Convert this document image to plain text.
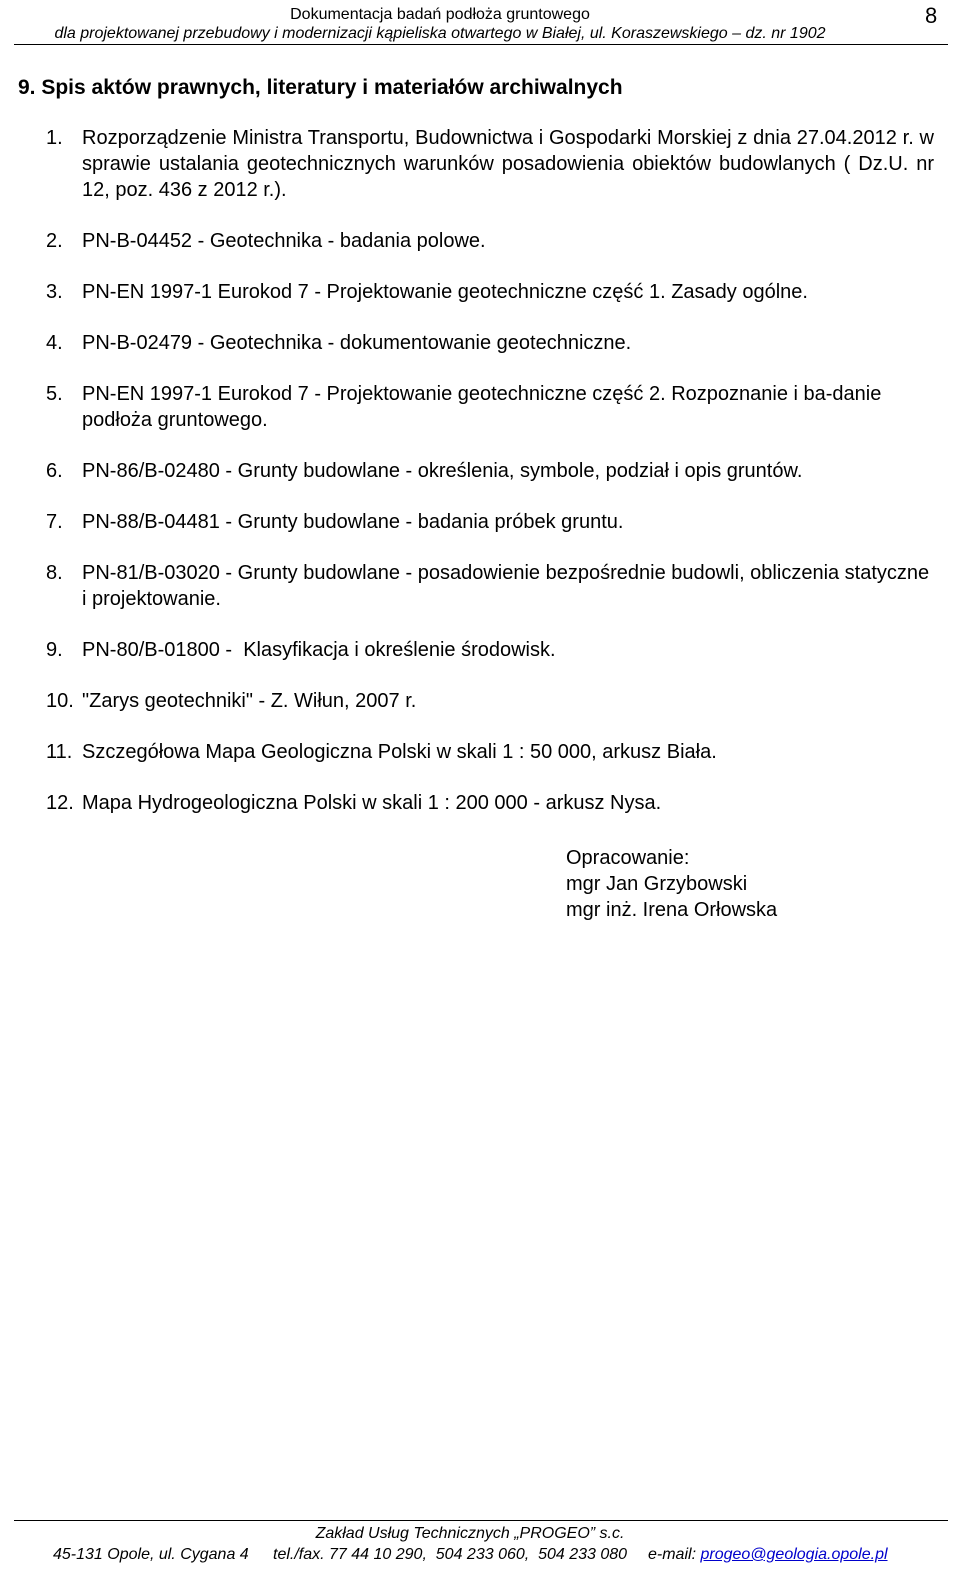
Dokumentacja badań podłoża gruntowego
dla projektowanej przebudowy i modernizacji kąpieliska otwartego w Białej, ul. Koraszewskiego – dz. nr 1902
8
9. Spis aktów prawnych, literatury i materiałów archiwalnych
1. Rozporządzenie Ministra Transportu, Budownictwa i Gospodarki Morskiej z dnia 27.04.2012 r. w sprawie ustalania geotechnicznych warunków posadowienia obiektów budowlanych ( Dz.U. nr 12, poz. 436 z 2012 r.).
2. PN-B-04452 - Geotechnika - badania polowe.
3. PN-EN 1997-1 Eurokod 7 - Projektowanie geotechniczne część 1. Zasady ogólne.
4. PN-B-02479 - Geotechnika - dokumentowanie geotechniczne.
5. PN-EN 1997-1 Eurokod 7 - Projektowanie geotechniczne część 2. Rozpoznanie i ba-danie podłoża gruntowego.
6. PN-86/B-02480 - Grunty budowlane - określenia, symbole, podział i opis gruntów.
7. PN-88/B-04481 - Grunty budowlane - badania próbek gruntu.
8. PN-81/B-03020 - Grunty budowlane - posadowienie bezpośrednie budowli, obliczenia statyczne i projektowanie.
9. PN-80/B-01800 -  Klasyfikacja i określenie środowisk.
10. "Zarys geotechniki" - Z. Wiłun, 2007 r.
11. Szczegółowa Mapa Geologiczna Polski w skali 1 : 50 000, arkusz Biała.
12. Mapa Hydrogeologiczna Polski w skali 1 : 200 000 - arkusz Nysa.
Opracowanie:
mgr Jan Grzybowski
mgr inż. Irena Orłowska
Zakład Usług Technicznych „PROGEO” s.c.
45-131 Opole, ul. Cygana 4 tel./fax. 77 44 10 290,  504 233 060,  504 233 080 e-mail: progeo@geologia.opole.pl
